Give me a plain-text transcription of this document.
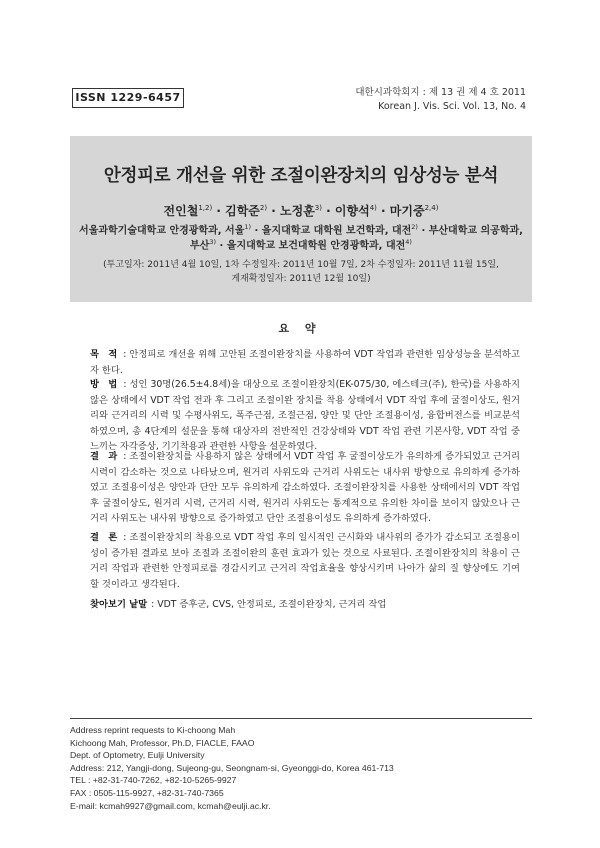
ISSN 1229-6457	대한시과학회지 : 제 13 권 제 4 호 2011
Korean J. Vis. Sci. Vol. 13, No. 4
안정피로 개선을 위한 조절이완장치의 임상성능 분석
전인철$^{1,2)}$ · 김학준$^{2)}$ · 노정훈$^{3)}$ · 이향석$^{4)}$ · 마기중$^{2,4)}$
서울과학기술대학교 안경광학과, 서울$^{1)}$ · 을지대학교 대학원 보건학과, 대전$^{2)}$ · 부산대학교 의공학과,
부산$^{3)}$ · 을지대학교 보건대학원 안경광학과, 대전$^{4)}$
(투고일자: 2011년 4월 10일, 1차 수정일자: 2011년 10월 7일, 2차 수정일자: 2011년 11월 15일,
게재확정일자: 2011년 12월 10일)
요 약
목 적 : 안정피로 개선을 위해 고안된 조절이완장치를 사용하여 VDT 작업과 관련한 임상성능을 분석하고자 한다.
방 법 : 성인 30명(26.5±4.8세)을 대상으로 조절이완장치(EK-075/30, 에스테크(주), 한국)를 사용하지 않은 상태에서 VDT 작업 전과 후 그리고 조절이완 장치를 착용 상태에서 VDT 작업 후에 굴절이상도, 원거리와 근거리의 시력 및 수평사위도, 폭주근점, 조절근점, 양안 및 단안 조절용이성, 융합버전스를 비교분석하였으며, 총 4단계의 설문을 통해 대상자의 전반적인 건강상태와 VDT 작업 관련 기본사항, VDT 작업 중 느끼는 자각증상, 기기착용과 관련한 사항을 설문하였다.
결 과 : 조절이완장치를 사용하지 않은 상태에서 VDT 작업 후 굴절이상도가 유의하게 증가되었고 근거리 시력이 감소하는 것으로 나타났으며, 원거리 사위도와 근거리 사위도는 내사위 방향으로 유의하게 증가하였고 조절용이성은 양안과 단안 모두 유의하게 감소하였다. 조절이완장치를 사용한 상태에서의 VDT 작업 후 굴절이상도, 원거리 시력, 근거리 시력, 원거리 사위도는 통계적으로 유의한 차이를 보이지 않았으나 근거리 사위도는 내사위 방향으로 증가하였고 단안 조절용이성도 유의하게 증가하였다.
결 론 : 조절이완장치의 착용으로 VDT 작업 후의 일시적인 근시화와 내사위의 증가가 감소되고 조절용이성이 증가된 결과로 보아 조절과 조절이완의 훈련 효과가 있는 것으로 사료된다. 조절이완장치의 착용이 근거리 작업과 관련한 안정피로를 경감시키고 근거리 작업효율을 향상시키며 나아가 삶의 질 향상에도 기여할 것이라고 생각된다.
찾아보기 낱말 : VDT 증후군, CVS, 안정피로, 조절이완장치, 근거리 작업
Address reprint requests to Ki-choong Mah
Kichoong Mah, Professor, Ph.D, FIACLE, FAAO
Dept. of Optometry, Eulji University
Address: 212, Yangji-dong, Sujeong-gu, Seongnam-si, Gyeonggi-do, Korea 461-713
TEL : +82-31-740-7262, +82-10-5265-9927
FAX : 0505-115-9927, +82-31-740-7365
E-mail: kcmah9927@gmail.com, kcmah@eulji.ac.kr.
